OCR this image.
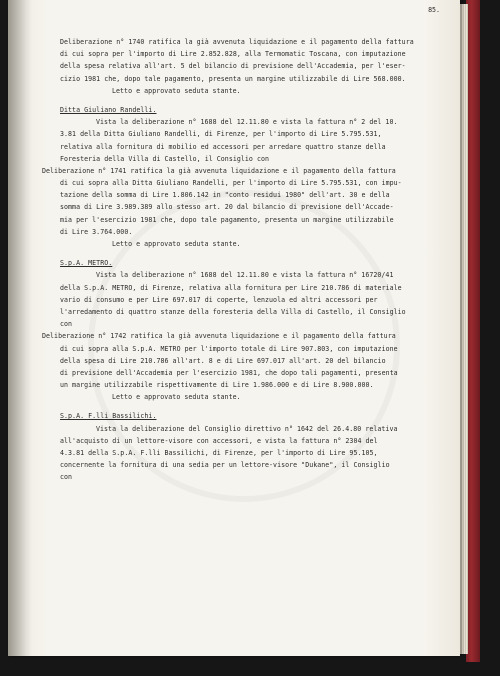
85.
Deliberazione n° 1740 ratifica la già avvenuta liquidazione e il pagamento della fattura
di cui sopra per l'importo di Lire 2.852.828, alla Termomatic Toscana, con imputazione
della spesa relativa all'art. 5 del bilancio di previsione dell'Accademia, per l'eser-
cizio 1981 che, dopo tale pagamento, presenta un margine utilizzabile di Lire 568.000.
Letto e approvato seduta stante.
Ditta Giuliano Randelli.
Vista la deliberazione n° 1688 del 12.11.80 e vista la fattura n° 2 del 10.
3.81 della Ditta Giuliano Randelli, di Firenze, per l'importo di Lire 5.795.531,
relativa alla fornitura di mobilio ed accessori per arredare quattro stanze della
Foresteria della Villa di Castello, il Consiglio con
Deliberazione n° 1741 ratifica la già avvenuta liquidazione e il pagamento della fattura
di cui sopra alla Ditta Giuliano Randelli, per l'importo di Lire 5.795.531, con impu-
tazione della somma di Lire 1.806.142 in "conto residui 1980" dell'art. 30 e della
somma di Lire 3.989.389 allo stesso art. 20 dal bilancio di previsione dell'Accade-
mia per l'esercizio 1981 che, dopo tale pagamento, presenta un margine utilizzabile
di Lire 3.764.000.
Letto e approvato seduta stante.
S.p.A. METRO.
Vista la deliberazione n° 1688 del 12.11.80 e vista la fattura n° 16720/41
della S.p.A. METRO, di Firenze, relativa alla fornitura per Lire 210.786 di materiale
vario di consumo e per Lire 697.017 di coperte, lenzuola ed altri accessori per
l'arredamento di quattro stanze della foresteria della Villa di Castello, il Consiglio
con
Deliberazione n° 1742 ratifica la già avvenuta liquidazione e il pagamento della fattura
di cui sopra alla S.p.A. METRO per l'importo totale di Lire 907.803, con imputazione
della spesa di Lire 210.786 all'art. 8 e di Lire 697.017 all'art. 20 del bilancio
di previsione dell'Accademia per l'esercizio 1981, che dopo tali pagamenti, presenta
un margine utilizzabile rispettivamente di Lire 1.986.000 e di Lire 8.900.000.
Letto e approvato seduta stante.
S.p.A. F.lli Bassilichi.
Vista la deliberazione del Consiglio direttivo n° 1642 del 26.4.80 relativa
all'acquisto di un lettore-visore con accessori, e vista la fattura n° 2304 del
4.3.81 della S.p.A. F.lli Bassilichi, di Firenze, per l'importo di Lire 95.105,
concernente la fornitura di una sedia per un lettore-visore "Dukane", il Consiglio
con
